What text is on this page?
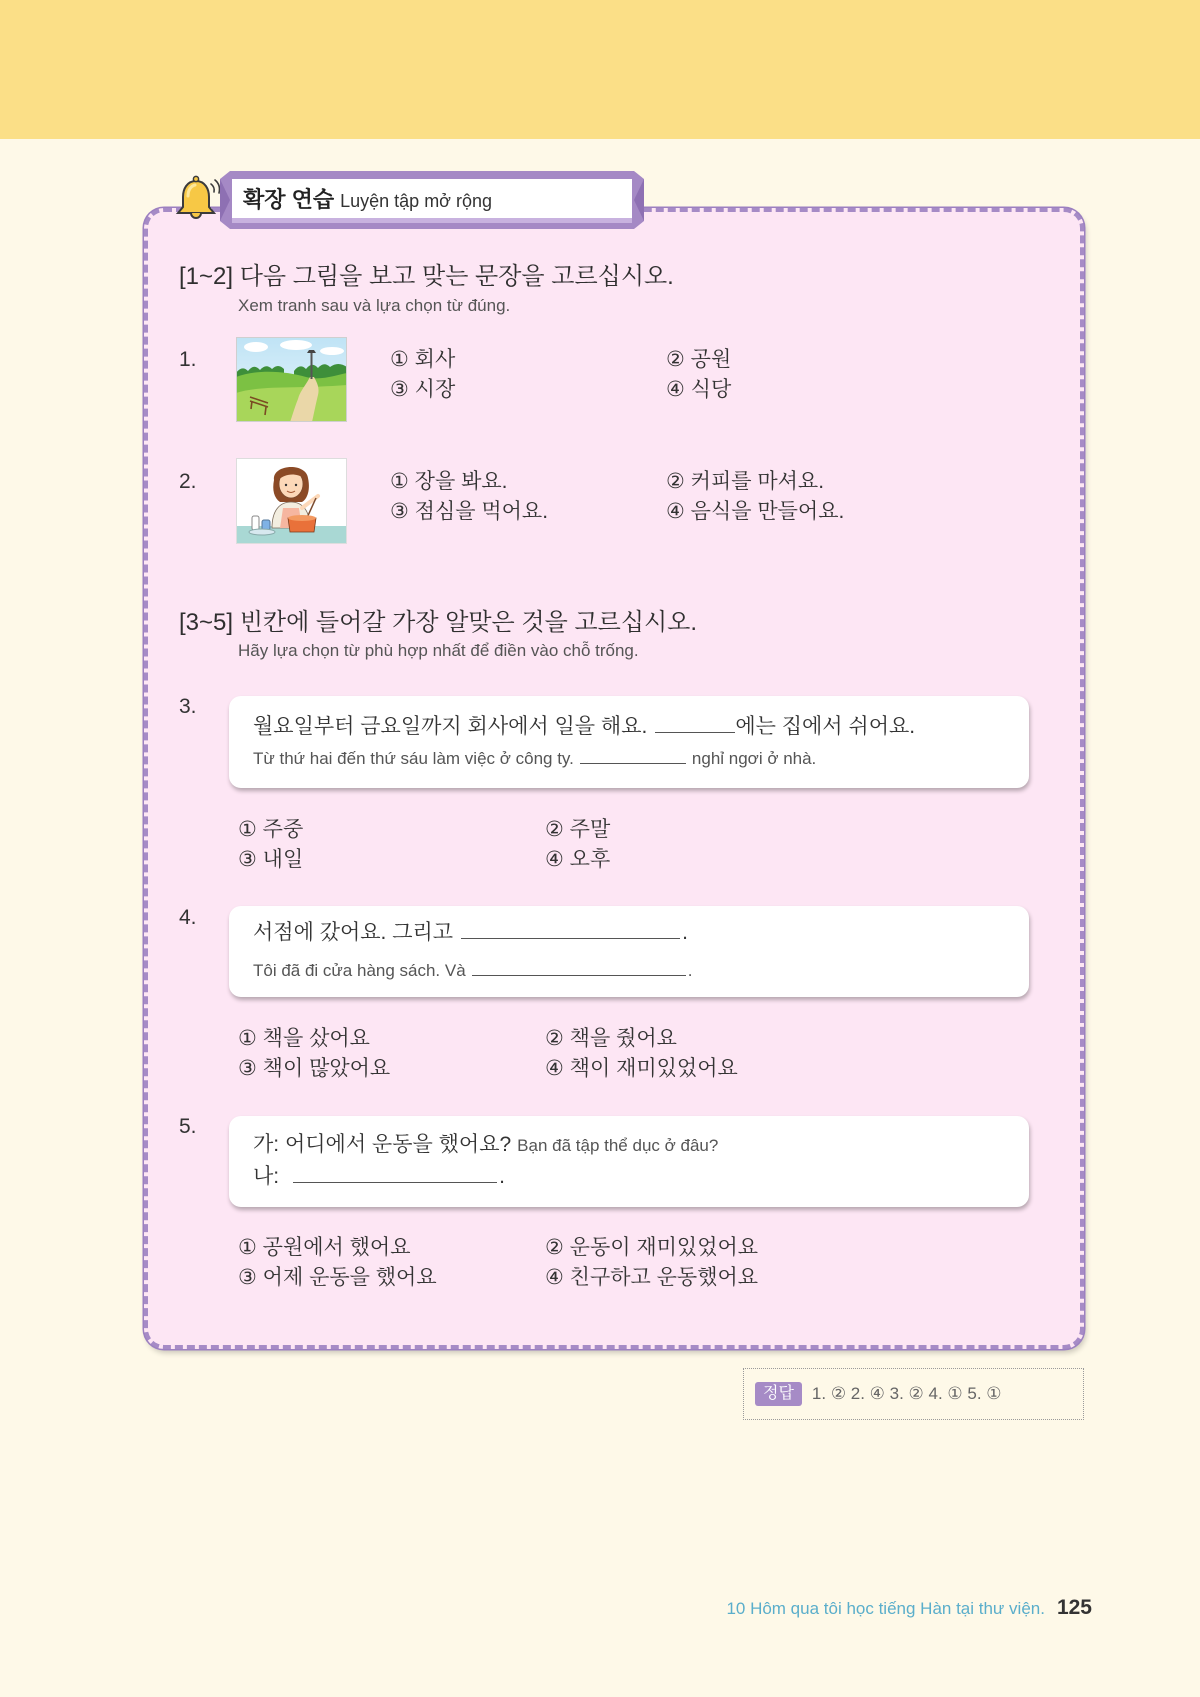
확장 연습 Luyện tập mở rộng
[1~2] 다음 그림을 보고 맞는 문장을 고르십시오.
Xem tranh sau và lựa chọn từ đúng.
1.	① 회사	② 공원
③ 시장	④ 식당
2.	① 장을 봐요.	② 커피를 마셔요.
③ 점심을 먹어요.	④ 음식을 만들어요.
[3~5] 빈칸에 들어갈 가장 알맞은 것을 고르십시오.
Hãy lựa chọn từ phù hợp nhất để điền vào chỗ trống.
3.
월요일부터 금요일까지 회사에서 일을 해요.	에는 집에서 쉬어요.
Từ thứ hai đến thứ sáu làm việc ở công ty.	nghỉ ngơi ở nhà.
① 주중	② 주말
③ 내일	④ 오후
4.
서점에 갔어요. 그리고	.
Tôi đã đi cửa hàng sách. Và	.
① 책을 샀어요	② 책을 줬어요
③ 책이 많았어요	④ 책이 재미있었어요
5.
가: 어디에서 운동을 했어요? Bạn đã tập thể dục ở đâu?
나:	.
① 공원에서 했어요	② 운동이 재미있었어요
③ 어제 운동을 했어요	④ 친구하고 운동했어요
정답	1. ② 2. ④ 3. ② 4. ① 5. ①
10 Hôm qua tôi học tiếng Hàn tại thư viện. 125
